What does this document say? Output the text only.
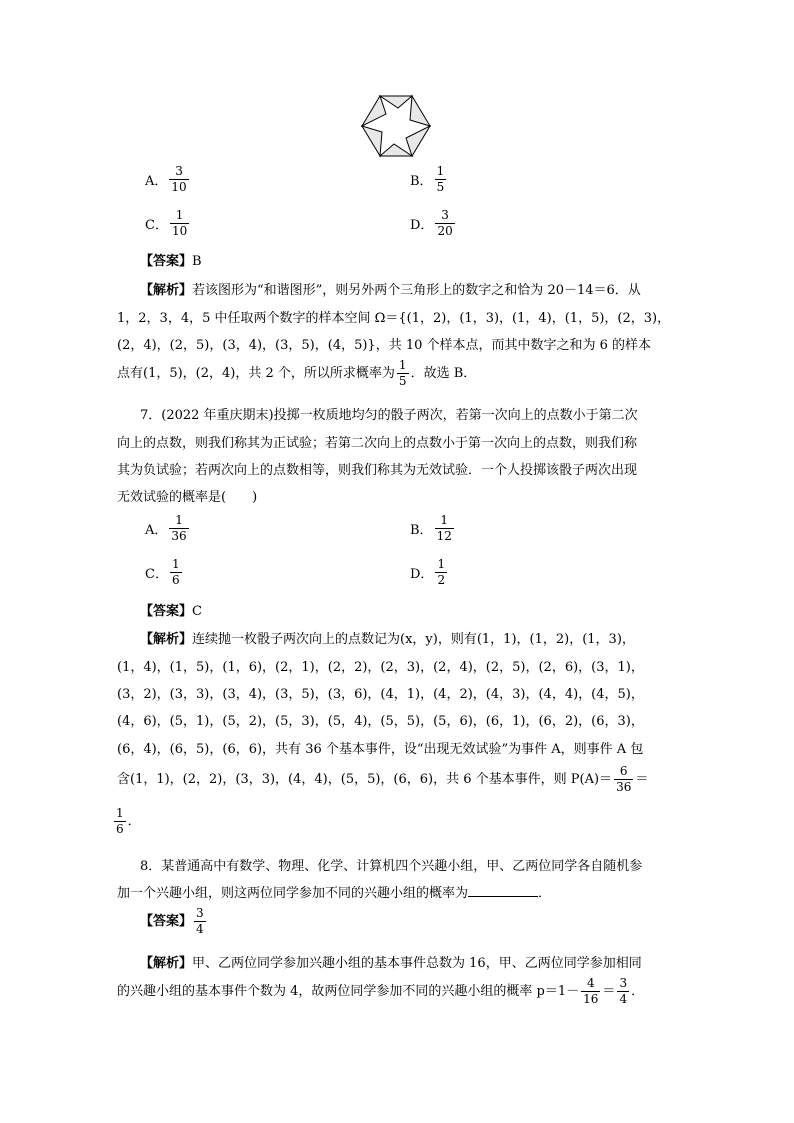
A． $\frac{3}{10}$	B． $\frac{1}{5}$
C． $\frac{1}{10}$	D． $\frac{3}{20}$
【答案】B
【解析】若该图形为“和谐图形”，则另外两个三角形上的数字之和恰为 20－14＝6．从
1，2，3，4，5 中任取两个数字的样本空间 Ω＝{(1，2)，(1，3)，(1，4)，(1，5)，(2，3)，
(2，4)，(2，5)，(3，4)，(3，5)，(4，5)}，共 10 个样本点，而其中数字之和为 6 的样本
点有(1，5)，(2，4)，共 2 个，所以所求概率为 $\frac{1}{5}$ ．故选 B．
7．(2022 年重庆期末)投掷一枚质地均匀的骰子两次，若第一次向上的点数小于第二次
向上的点数，则我们称其为正试验；若第二次向上的点数小于第一次向上的点数，则我们称
其为负试验；若两次向上的点数相等，则我们称其为无效试验．一个人投掷该骰子两次出现
无效试验的概率是(　　)
A． $\frac{1}{36}$	B． $\frac{1}{12}$
C． $\frac{1}{6}$	D． $\frac{1}{2}$
【答案】C
【解析】连续抛一枚骰子两次向上的点数记为(x，y)，则有(1，1)，(1，2)，(1，3)，
(1，4)，(1，5)，(1，6)，(2，1)，(2，2)，(2，3)，(2，4)，(2，5)，(2，6)，(3，1)，
(3，2)，(3，3)，(3，4)，(3，5)，(3，6)，(4，1)，(4，2)，(4，3)，(4，4)，(4，5)，
(4，6)，(5，1)，(5，2)，(5，3)，(5，4)，(5，5)，(5，6)，(6，1)，(6，2)，(6，3)，
(6，4)，(6，5)，(6，6)，共有 36 个基本事件，设“出现无效试验”为事件 A，则事件 A 包
含(1，1)，(2，2)，(3，3)，(4，4)，(5，5)，(6，6)，共 6 个基本事件，则 $P(A)= \frac{6}{36}$ ＝
$\frac{1}{6}$ ．
8．某普通高中有数学、物理、化学、计算机四个兴趣小组，甲、乙两位同学各自随机参
加一个兴趣小组，则这两位同学参加不同的兴趣小组的概率为	．
【答案】 $\frac{3}{4}$
【解析】甲、乙两位同学参加兴趣小组的基本事件总数为 16，甲、乙两位同学参加相同
的兴趣小组的基本事件个数为 4，故两位同学参加不同的兴趣小组的概率 $p=1- \frac{4}{16} = \frac{3}{4}$ ．
